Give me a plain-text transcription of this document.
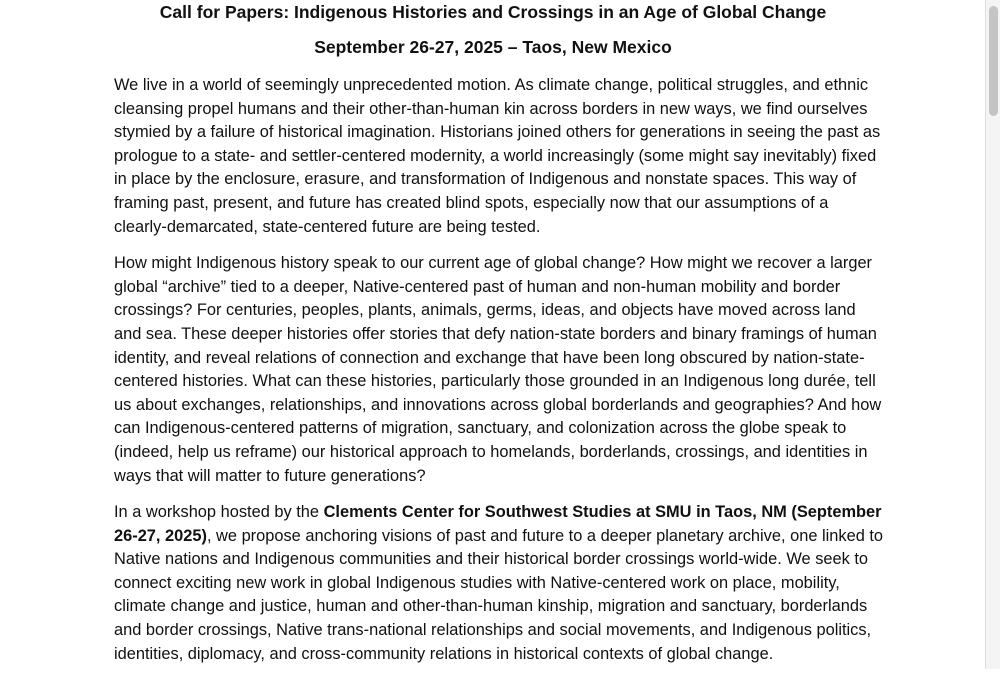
Call for Papers: Indigenous Histories and Crossings in an Age of Global Change
September 26-27, 2025 – Taos, New Mexico

We live in a world of seemingly unprecedented motion. As climate change, political struggles, and ethnic cleansing propel humans and their other-than-human kin across borders in new ways, we find ourselves stymied by a failure of historical imagination. Historians joined others for generations in seeing the past as prologue to a state- and settler-centered modernity, a world increasingly (some might say inevitably) fixed in place by the enclosure, erasure, and transformation of Indigenous and nonstate spaces. This way of framing past, present, and future has created blind spots, especially now that our assumptions of a clearly-demarcated, state-centered future are being tested.

How might Indigenous history speak to our current age of global change? How might we recover a larger global “archive” tied to a deeper, Native-centered past of human and non-human mobility and border crossings? For centuries, peoples, plants, animals, germs, ideas, and objects have moved across land and sea. These deeper histories offer stories that defy nation-state borders and binary framings of human identity, and reveal relations of connection and exchange that have been long obscured by nation-state-centered histories. What can these histories, particularly those grounded in an Indigenous long durée, tell us about exchanges, relationships, and innovations across global borderlands and geographies? And how can Indigenous-centered patterns of migration, sanctuary, and colonization across the globe speak to (indeed, help us reframe) our historical approach to homelands, borderlands, crossings, and identities in ways that will matter to future generations?

In a workshop hosted by the Clements Center for Southwest Studies at SMU in Taos, NM (September 26-27, 2025), we propose anchoring visions of past and future to a deeper planetary archive, one linked to Native nations and Indigenous communities and their historical border crossings world-wide. We seek to connect exciting new work in global Indigenous studies with Native-centered work on place, mobility, climate change and justice, human and other-than-human kinship, migration and sanctuary, borderlands and border crossings, Native trans-national relationships and social movements, and Indigenous politics, identities, diplomacy, and cross-community relations in historical contexts of global change.
